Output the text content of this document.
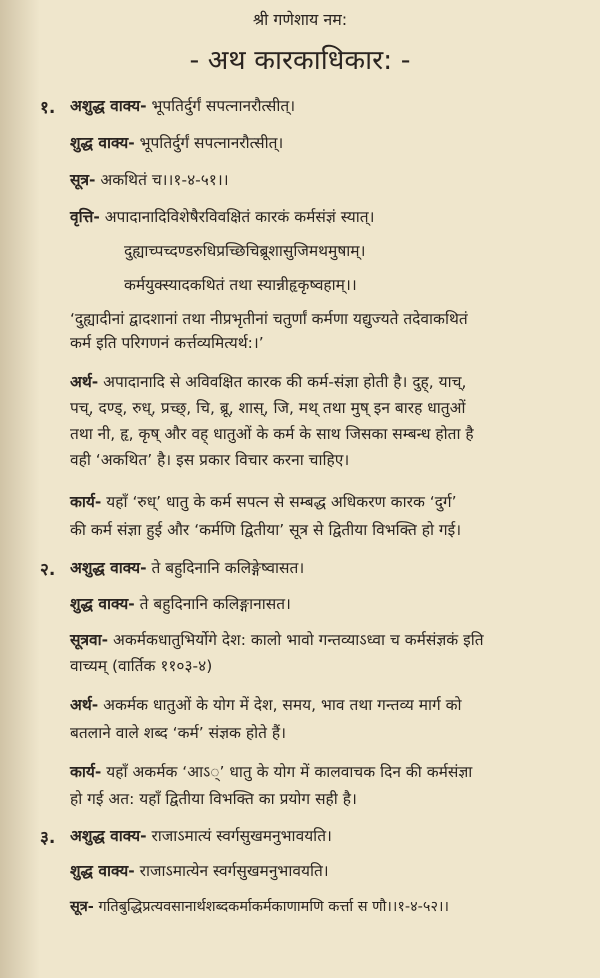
श्री गणेशाय नम:
- अथ कारकाधिकार: -
१. अशुद्ध वाक्य- भूपतिर्दुर्गं सपत्नानरौत्सीत्।
शुद्ध वाक्य- भूपतिर्दुर्गं सपत्नानरौत्सीत्।
सूत्र- अकथितं च।।१-४-५१।।
वृत्ति- अपादानादिविशेषैरविवक्षितं कारकं कर्मसंज्ञं स्यात्।
दुह्याच्पच्दण्डरुधिप्रच्छिचिब्रूशासुजिमथमुषाम्।
कर्मयुक्स्यादकथितं तथा स्यान्नीहृकृष्वहाम्।।
‘दुह्यादीनां द्वादशानां तथा नीप्रभृतीनां चतुर्णां कर्मणा यद्युज्यते तदेवाकथितं
कर्म इति परिगणनं कर्त्तव्यमित्यर्थ:।’
अर्थ- अपादानादि से अविवक्षित कारक की कर्म-संज्ञा होती है। दुह्, याच्,
पच्, दण्ड्, रुध्, प्रच्छ्, चि, ब्रू, शास्, जि, मथ् तथा मुष् इन बारह धातुओं
तथा नी, हृ, कृष् और वह् धातुओं के कर्म के साथ जिसका सम्बन्ध होता है
वही ‘अकथित’ है। इस प्रकार विचार करना चाहिए।
कार्य- यहाँ ‘रुध्’ धातु के कर्म सपत्न से सम्बद्ध अधिकरण कारक ‘दुर्ग’
की कर्म संज्ञा हुई और ‘कर्मणि द्वितीया’ सूत्र से द्वितीया विभक्ति हो गई।
२. अशुद्ध वाक्य- ते बहुदिनानि कलिङ्गेष्वासत।
शुद्ध वाक्य- ते बहुदिनानि कलिङ्गानासत।
सूत्रवा- अकर्मकधातुभिर्योगे देश: कालो भावो गन्तव्याऽध्वा च कर्मसंज्ञकं इति
वाच्यम् (वार्तिक ११०३-४)
अर्थ- अकर्मक धातुओं के योग में देश, समय, भाव तथा गन्तव्य मार्ग को
बतलाने वाले शब्द ‘कर्म’ संज्ञक होते हैं।
कार्य- यहाँ अकर्मक ‘आऽ्’ धातु के योग में कालवाचक दिन की कर्मसंज्ञा
हो गई अत: यहाँ द्वितीया विभक्ति का प्रयोग सही है।
३. अशुद्ध वाक्य- राजाऽमात्यं स्वर्गसुखमनुभावयति।
शुद्ध वाक्य- राजाऽमात्येन स्वर्गसुखमनुभावयति।
सूत्र- गतिबुद्धिप्रत्यवसानार्थशब्दकर्माकर्मकाणामणि कर्त्ता स णौ।।१-४-५२।।
